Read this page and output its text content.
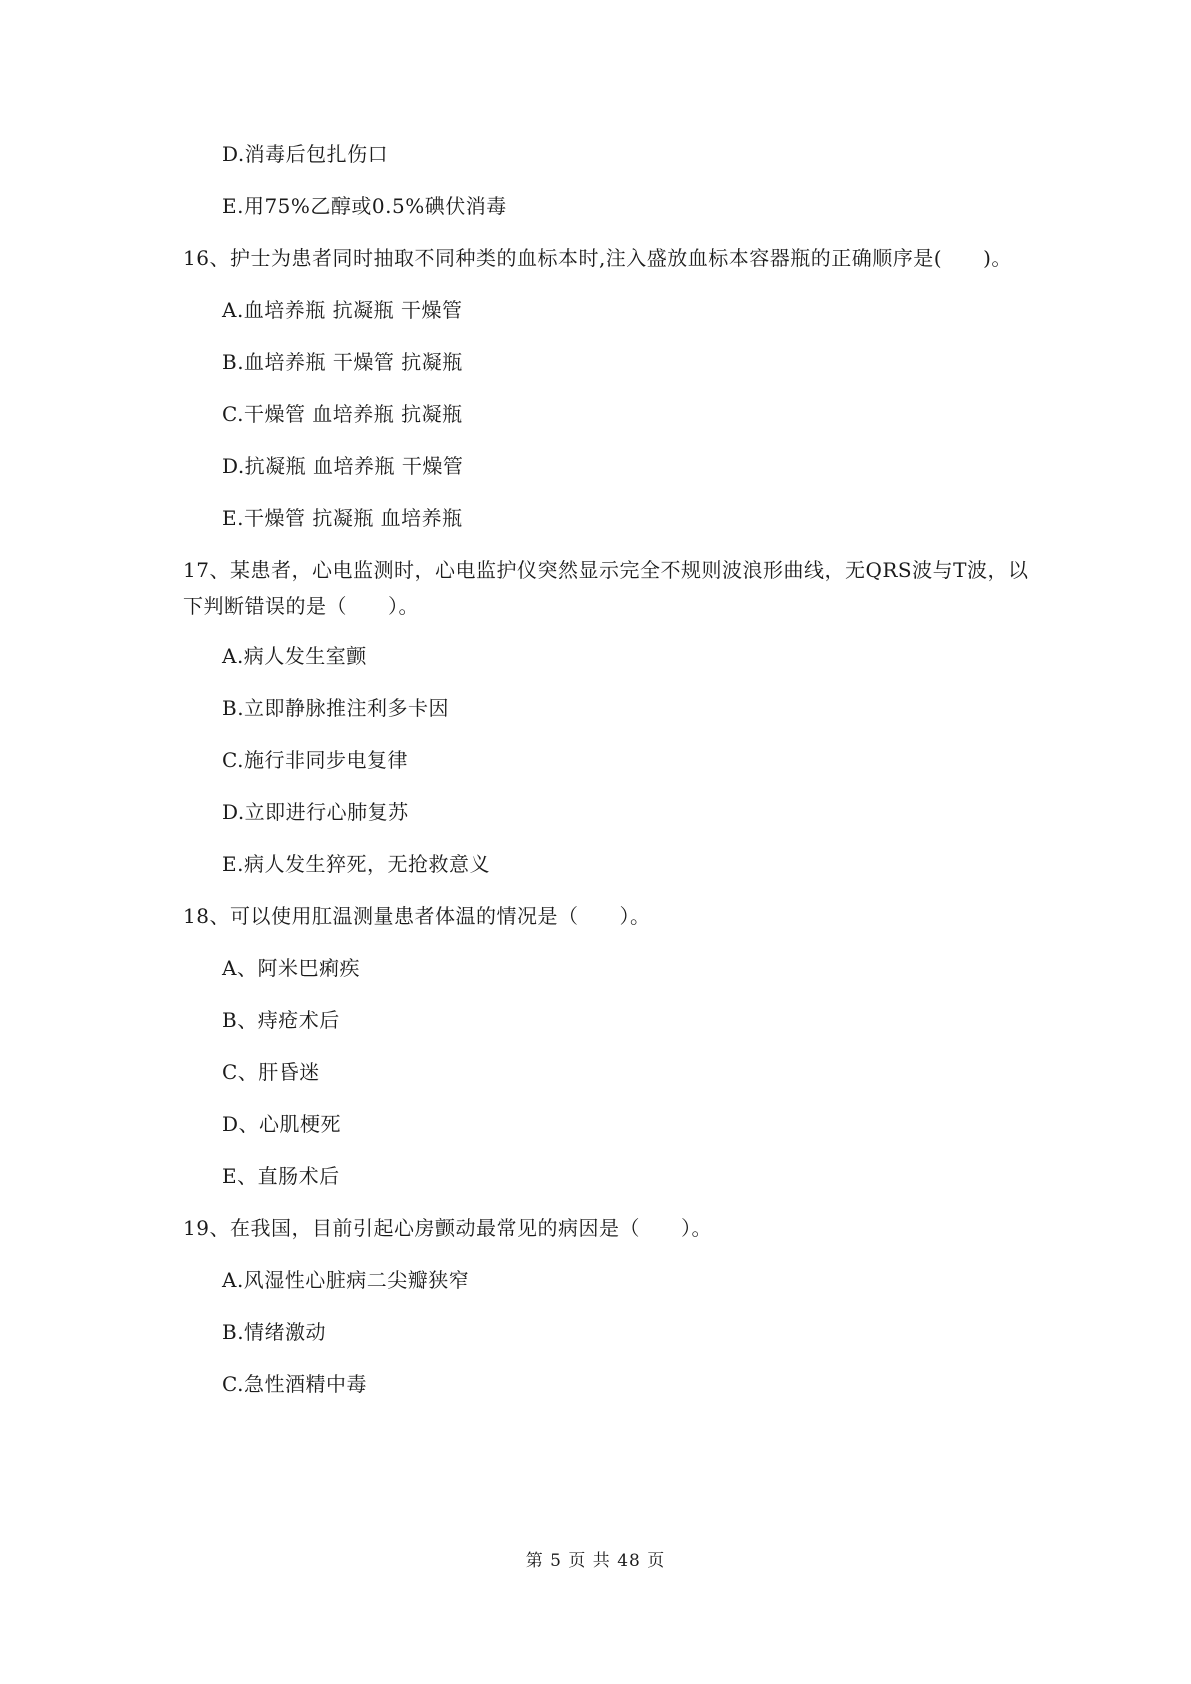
D.消毒后包扎伤口
E.用75%乙醇或0.5%碘伏消毒
16、护士为患者同时抽取不同种类的血标本时,注入盛放血标本容器瓶的正确顺序是(　　)。
A.血培养瓶 抗凝瓶 干燥管
B.血培养瓶 干燥管 抗凝瓶
C.干燥管 血培养瓶 抗凝瓶
D.抗凝瓶 血培养瓶 干燥管
E.干燥管 抗凝瓶 血培养瓶
17、某患者，心电监测时，心电监护仪突然显示完全不规则波浪形曲线，无QRS波与T波，以
下判断错误的是（　　）。
A.病人发生室颤
B.立即静脉推注利多卡因
C.施行非同步电复律
D.立即进行心肺复苏
E.病人发生猝死，无抢救意义
18、可以使用肛温测量患者体温的情况是（　　）。
A、阿米巴痢疾
B、痔疮术后
C、肝昏迷
D、心肌梗死
E、直肠术后
19、在我国，目前引起心房颤动最常见的病因是（　　）。
A.风湿性心脏病二尖瓣狭窄
B.情绪激动
C.急性酒精中毒
第 5 页 共 48 页
